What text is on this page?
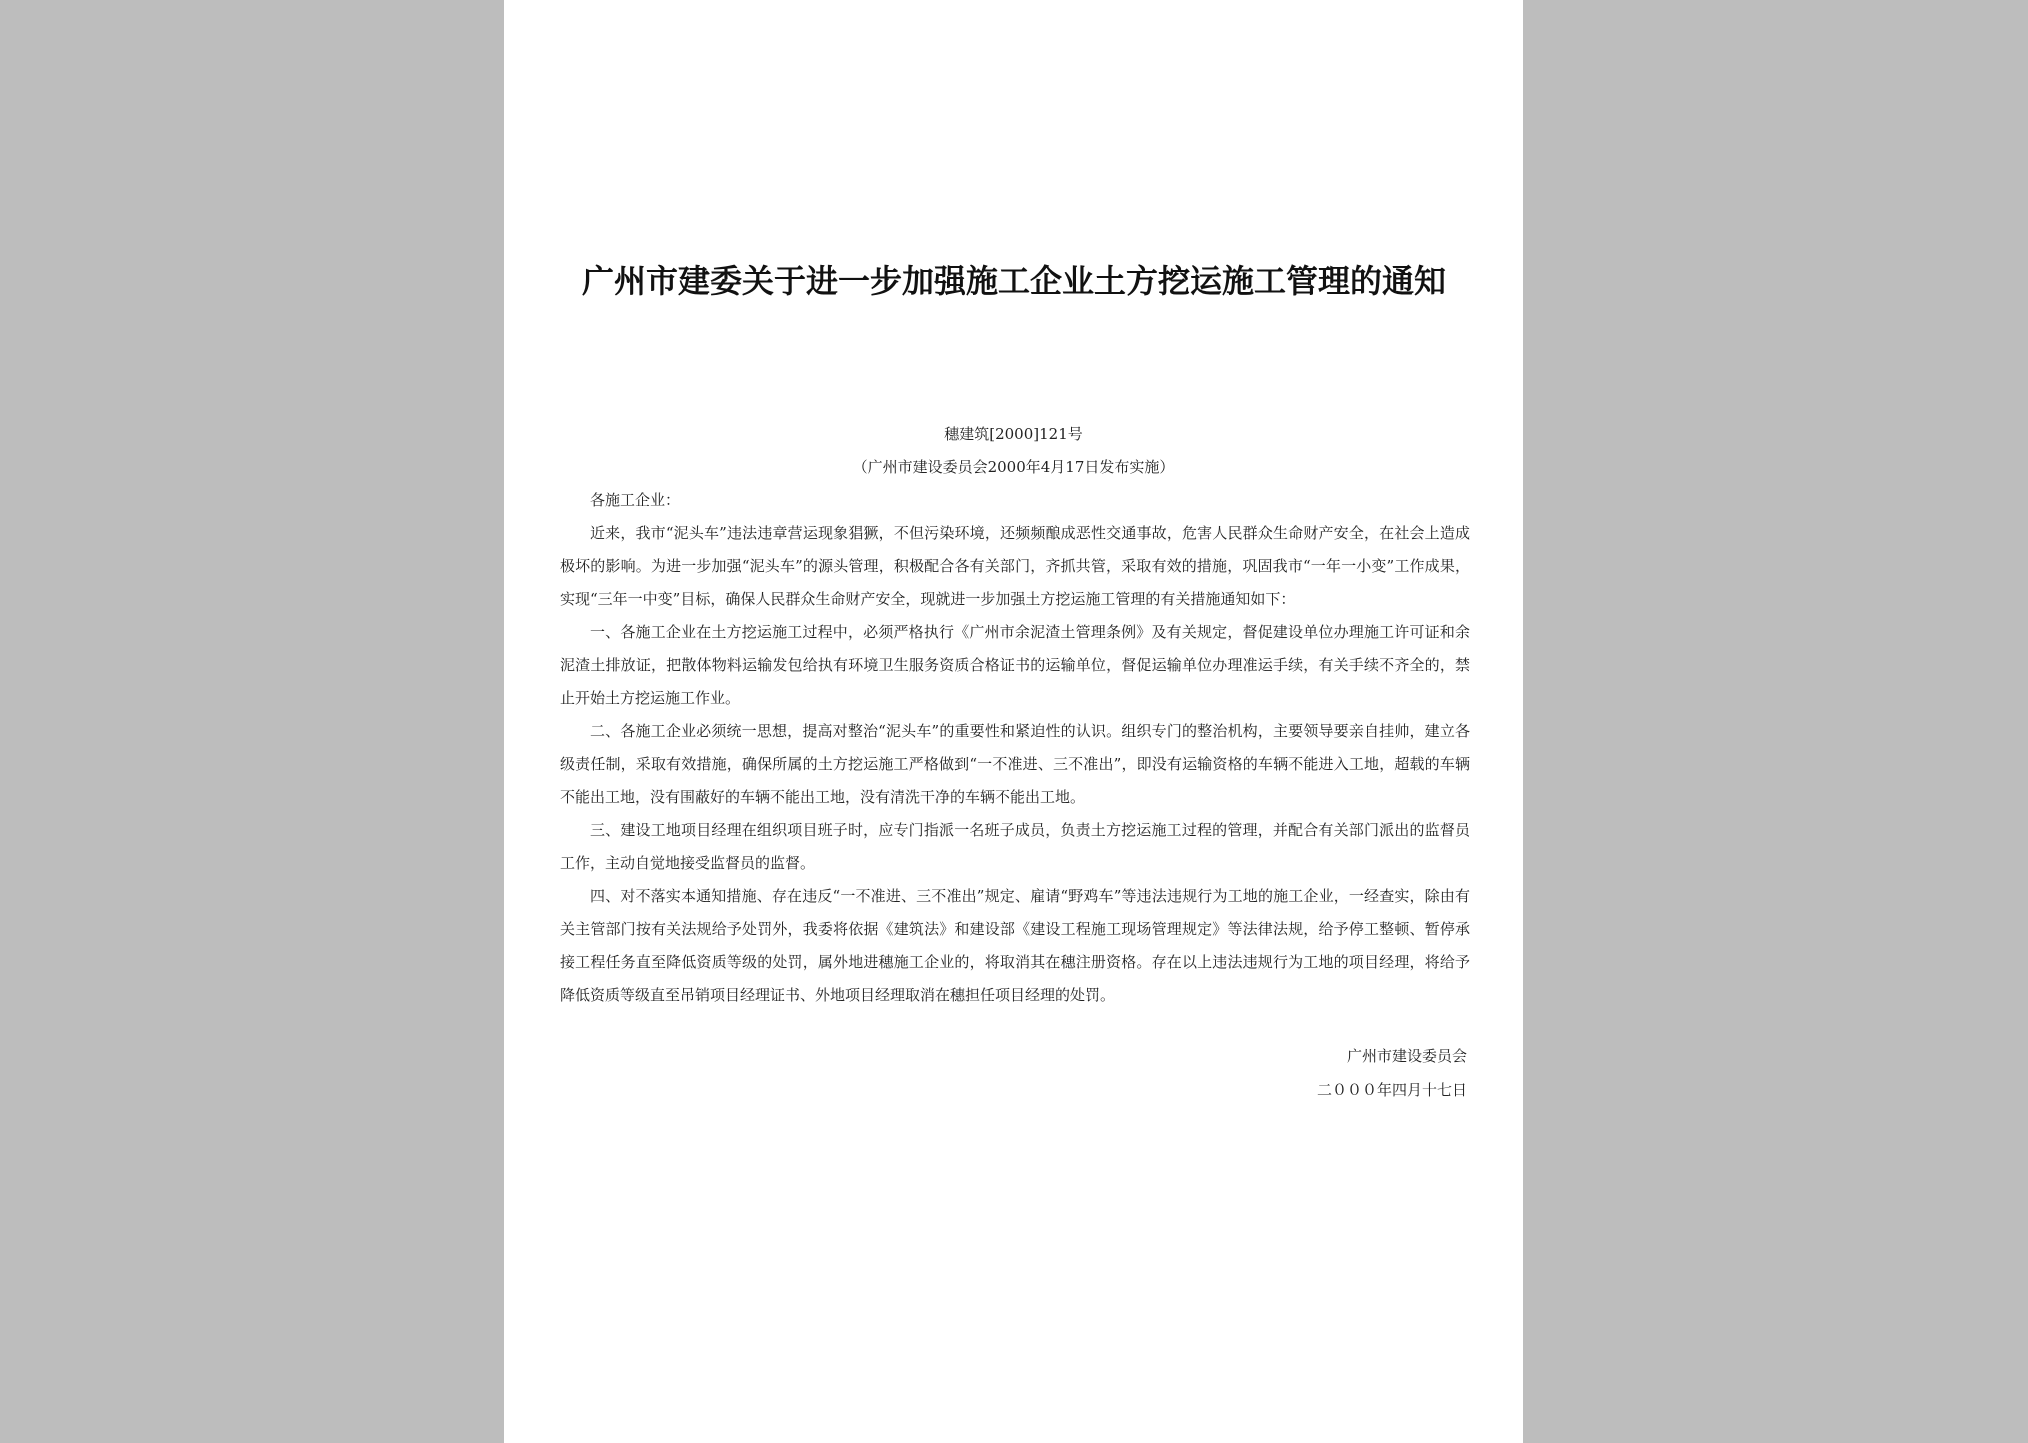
广州市建委关于进一步加强施工企业土方挖运施工管理的通知
穗建筑[2000]121号
（广州市建设委员会2000年4月17日发布实施）

各施工企业：

近来，我市“泥头车”违法违章营运现象猖獗，不但污染环境，还频频酿成恶性交通事故，危害人民群众生命财产安全，在社会上造成极坏的影响。为进一步加强“泥头车”的源头管理，积极配合各有关部门，齐抓共管，采取有效的措施，巩固我市“一年一小变”工作成果，实现“三年一中变”目标，确保人民群众生命财产安全，现就进一步加强土方挖运施工管理的有关措施通知如下：

一、各施工企业在土方挖运施工过程中，必须严格执行《广州市余泥渣土管理条例》及有关规定，督促建设单位办理施工许可证和余泥渣土排放证，把散体物料运输发包给执有环境卫生服务资质合格证书的运输单位，督促运输单位办理准运手续，有关手续不齐全的，禁止开始土方挖运施工作业。

二、各施工企业必须统一思想，提高对整治“泥头车”的重要性和紧迫性的认识。组织专门的整治机构，主要领导要亲自挂帅，建立各级责任制，采取有效措施，确保所属的土方挖运施工严格做到“一不准进、三不准出”，即没有运输资格的车辆不能进入工地，超载的车辆不能出工地，没有围蔽好的车辆不能出工地，没有清洗干净的车辆不能出工地。

三、建设工地项目经理在组织项目班子时，应专门指派一名班子成员，负责土方挖运施工过程的管理，并配合有关部门派出的监督员工作，主动自觉地接受监督员的监督。

四、对不落实本通知措施、存在违反“一不准进、三不准出”规定、雇请“野鸡车”等违法违规行为工地的施工企业，一经查实，除由有关主管部门按有关法规给予处罚外，我委将依据《建筑法》和建设部《建设工程施工现场管理规定》等法律法规，给予停工整顿、暂停承接工程任务直至降低资质等级的处罚，属外地进穗施工企业的，将取消其在穗注册资格。存在以上违法违规行为工地的项目经理，将给予降低资质等级直至吊销项目经理证书、外地项目经理取消在穗担任项目经理的处罚。

广州市建设委员会
二０００年四月十七日
